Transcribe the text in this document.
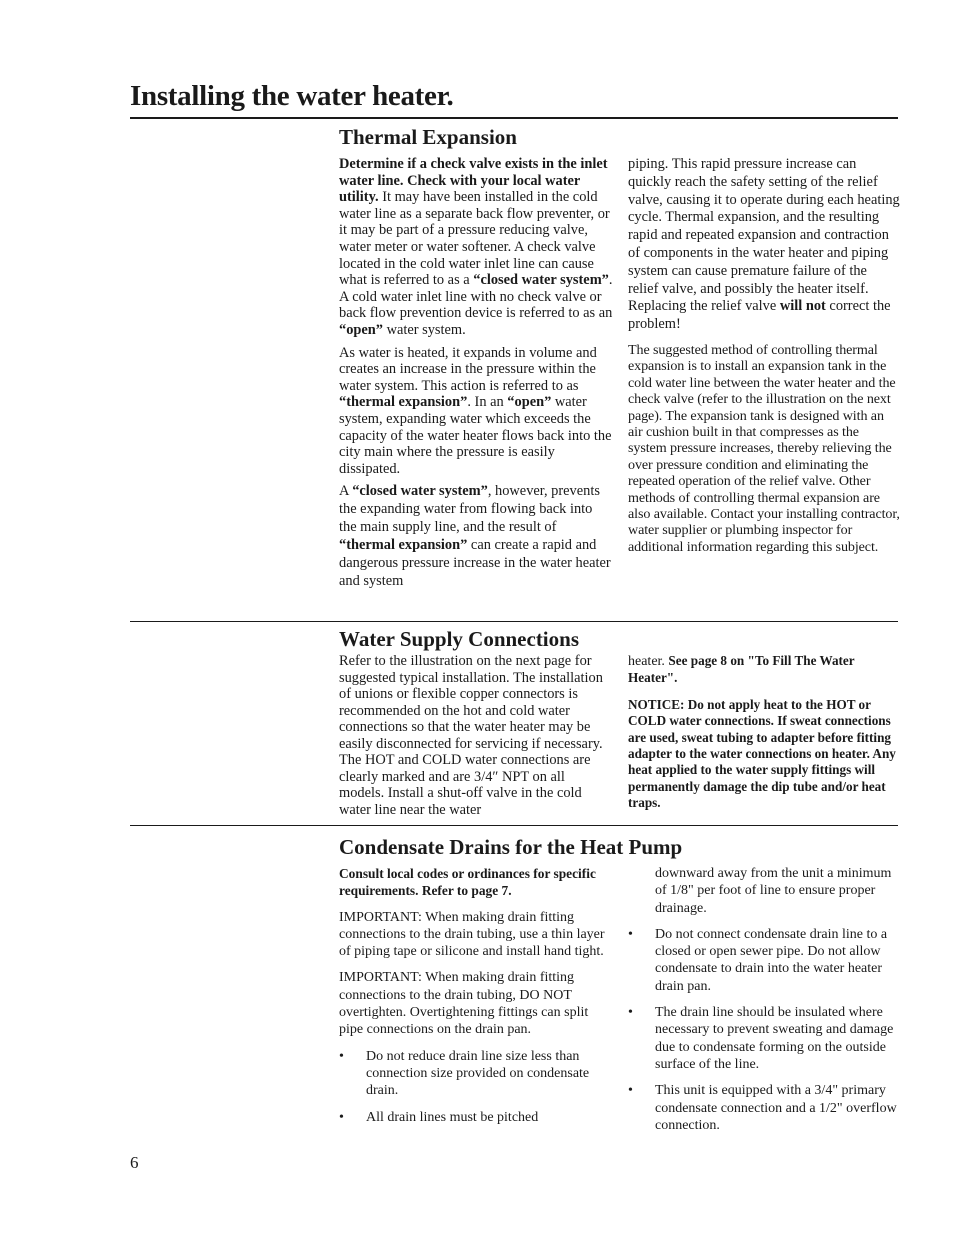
Installing the water heater.
Thermal Expansion

Determine if a check valve exists in the inlet water line. Check with your local water utility. It may have been installed in the cold water line as a separate back flow preventer, or it may be part of a pressure reducing valve, water meter or water softener. A check valve located in the cold water inlet line can cause what is referred to as a “closed water system”. A cold water inlet line with no check valve or back flow prevention device is referred to as an “open” water system.

As water is heated, it expands in volume and creates an increase in the pressure within the water system. This action is referred to as “thermal expansion”. In an “open” water system, expanding water which exceeds the capacity of the water heater flows back into the city main where the pressure is easily dissipated.

A “closed water system”, however, prevents the expanding water from flowing back into the main supply line, and the result of “thermal expansion” can create a rapid and dangerous pressure increase in the water heater and system

piping. This rapid pressure increase can quickly reach the safety setting of the relief valve, causing it to operate during each heating cycle. Thermal expansion, and the resulting rapid and repeated expansion and contraction of components in the water heater and piping system can cause premature failure of the relief valve, and possibly the heater itself. Replacing the relief valve will not correct the problem!

The suggested method of controlling thermal expansion is to install an expansion tank in the cold water line between the water heater and the check valve (refer to the illustration on the next page). The expansion tank is designed with an air cushion built in that compresses as the system pressure increases, thereby relieving the over pressure condition and eliminating the repeated operation of the relief valve. Other methods of controlling thermal expansion are also available. Contact your installing contractor, water supplier or plumbing inspector for additional information regarding this subject.

Water Supply Connections

Refer to the illustration on the next page for suggested typical installation. The installation of unions or flexible copper connectors is recommended on the hot and cold water connections so that the water heater may be easily disconnected for servicing if necessary. The HOT and COLD water connections are clearly marked and are 3/4″ NPT on all models. Install a shut-off valve in the cold water line near the water

heater. See page 8 on "To Fill The Water Heater".

NOTICE: Do not apply heat to the HOT or COLD water connections. If sweat connections are used, sweat tubing to adapter before fitting adapter to the water connections on heater. Any heat applied to the water supply fittings will permanently damage the dip tube and/or heat traps.

Condensate Drains for the Heat Pump

Consult local codes or ordinances for specific requirements. Refer to page 7.

IMPORTANT: When making drain fitting connections to the drain tubing, use a thin layer of piping tape or silicone and install hand tight.

IMPORTANT: When making drain fitting connections to the drain tubing, DO NOT overtighten. Overtightening fittings can split pipe connections on the drain pan.

• Do not reduce drain line size less than connection size provided on condensate drain.
• All drain lines must be pitched

downward away from the unit a minimum of 1/8" per foot of line to ensure proper drainage.

• Do not connect condensate drain line to a closed or open sewer pipe. Do not allow condensate to drain into the water heater drain pan.
• The drain line should be insulated where necessary to prevent sweating and damage due to condensate forming on the outside surface of the line.
• This unit is equipped with a 3/4" primary condensate connection and a 1/2" overflow connection.

6
